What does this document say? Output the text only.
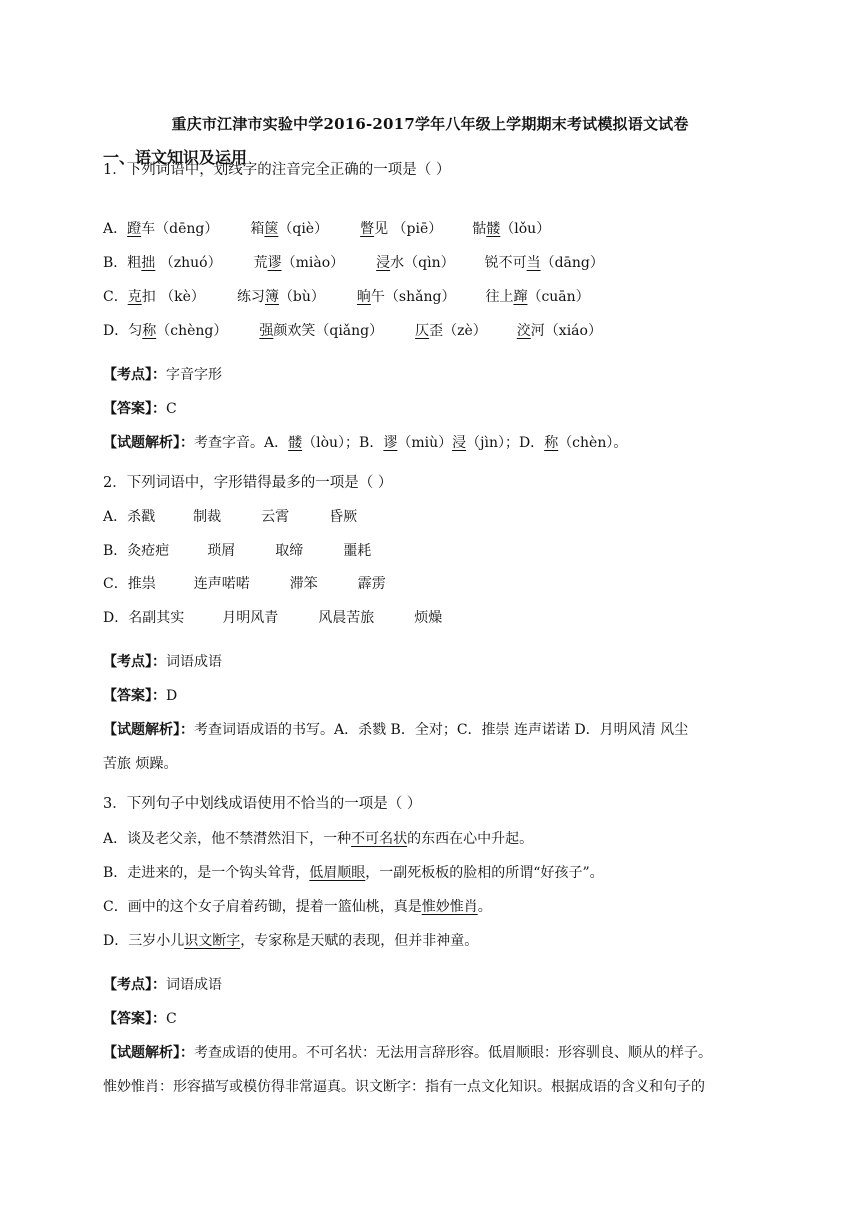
重庆市江津市实验中学2016-2017学年八年级上学期期末考试模拟语文试卷
一、语文知识及运用
1．下列词语中，划线字的注音完全正确的一项是（ ）
A．蹬车（dēng） 箱箧（qiè） 瞥见 （piē） 骷髅（lǒu）
B．粗拙 （zhuó） 荒谬（miào） 浸水（qìn） 锐不可当（dāng）
C．克扣 （kè） 练习簿（bù） 晌午（shǎng） 往上蹿（cuān）
D．匀称（chèng） 强颜欢笑（qiǎng） 仄歪（zè） 洨河（xiáo）
【考点】：字音字形
【答案】：C
【试题解析】：考查字音。A．髅（lòu）；B．谬（miù）浸（jìn）；D．称（chèn）。
2．下列词语中，字形错得最多的一项是（ ）
A．杀戳	制裁	云霄	昏厥
B．灸疮疤	琐屑	取缔	噩耗
C．推祟	连声喏喏	滞笨	霹雳
D．名副其实	月明风青	风晨苦旅	烦燥
【考点】：词语成语
【答案】：D
【试题解析】：考查词语成语的书写。A．杀戮 B．全对；C．推崇 连声诺诺 D．月明风清 风尘
苦旅 烦躁。
3．下列句子中划线成语使用不恰当的一项是（ ）
A．谈及老父亲，他不禁潸然泪下，一种不可名状的东西在心中升起。
B．走进来的，是一个钩头耸背，低眉顺眼，一副死板板的脸相的所谓“好孩子”。
C．画中的这个女子肩着药锄，提着一篮仙桃，真是惟妙惟肖。
D．三岁小儿识文断字，专家称是天赋的表现，但并非神童。
【考点】：词语成语
【答案】：C
【试题解析】：考查成语的使用。不可名状：无法用言辞形容。低眉顺眼：形容驯良、顺从的样子。
惟妙惟肖：形容描写或模仿得非常逼真。识文断字：指有一点文化知识。根据成语的含义和句子的
